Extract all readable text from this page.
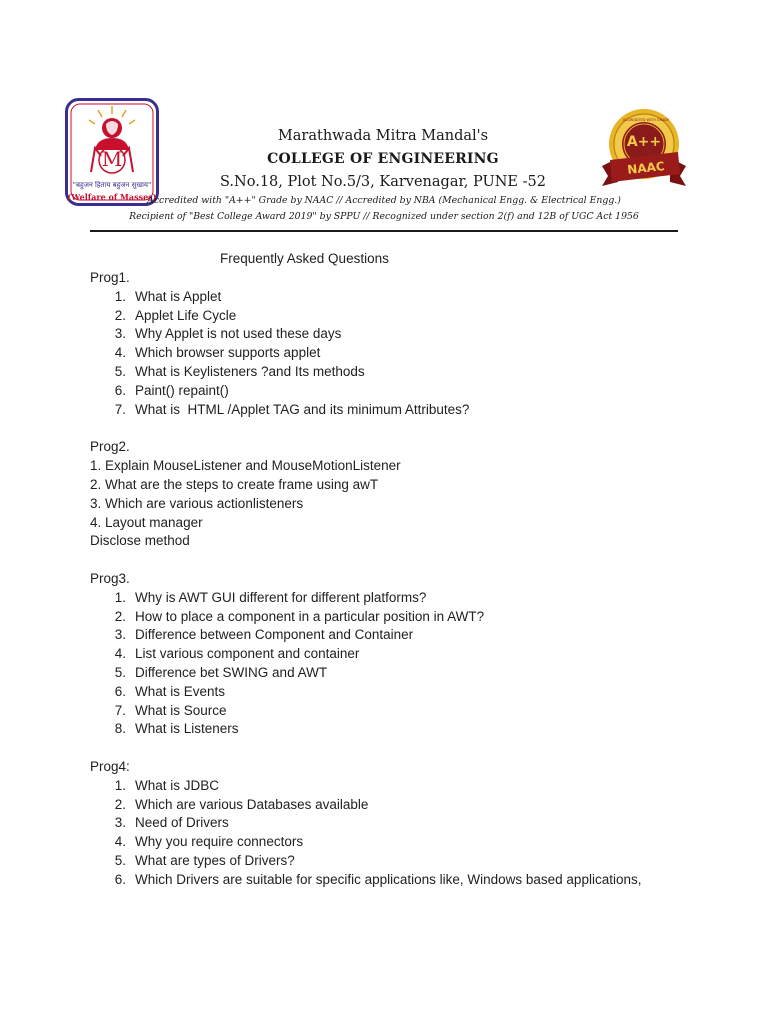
M
"बहुजन हिताय बहुजन सुखाय"
(Welfare of Masses)
A++
NAAC
ACCREDITED WITH GRADE
Marathwada Mitra Mandal's
COLLEGE OF ENGINEERING
S.No.18, Plot No.5/3, Karvenagar, PUNE -52
Accredited with "A++" Grade by NAAC // Accredited by NBA (Mechanical Engg. & Electrical Engg.)
Recipient of "Best College Award 2019" by SPPU // Recognized under section 2(f) and 12B of UGC Act 1956
Frequently Asked Questions
Prog1.
1. What is Applet
2. Applet Life Cycle
3. Why Applet is not used these days
4. Which browser supports applet
5. What is Keylisteners ?and Its methods
6. Paint() repaint()
7. What is  HTML /Applet TAG and its minimum Attributes?
Prog2.
1. Explain MouseListener and MouseMotionListener
2. What are the steps to create frame using awT
3. Which are various actionlisteners
4. Layout manager
Disclose method
Prog3.
1. Why is AWT GUI different for different platforms?
2. How to place a component in a particular position in AWT?
3. Difference between Component and Container
4. List various component and container
5. Difference bet SWING and AWT
6. What is Events
7. What is Source
8. What is Listeners
Prog4:
1. What is JDBC
2. Which are various Databases available
3. Need of Drivers
4. Why you require connectors
5. What are types of Drivers?
6. Which Drivers are suitable for specific applications like, Windows based applications,
